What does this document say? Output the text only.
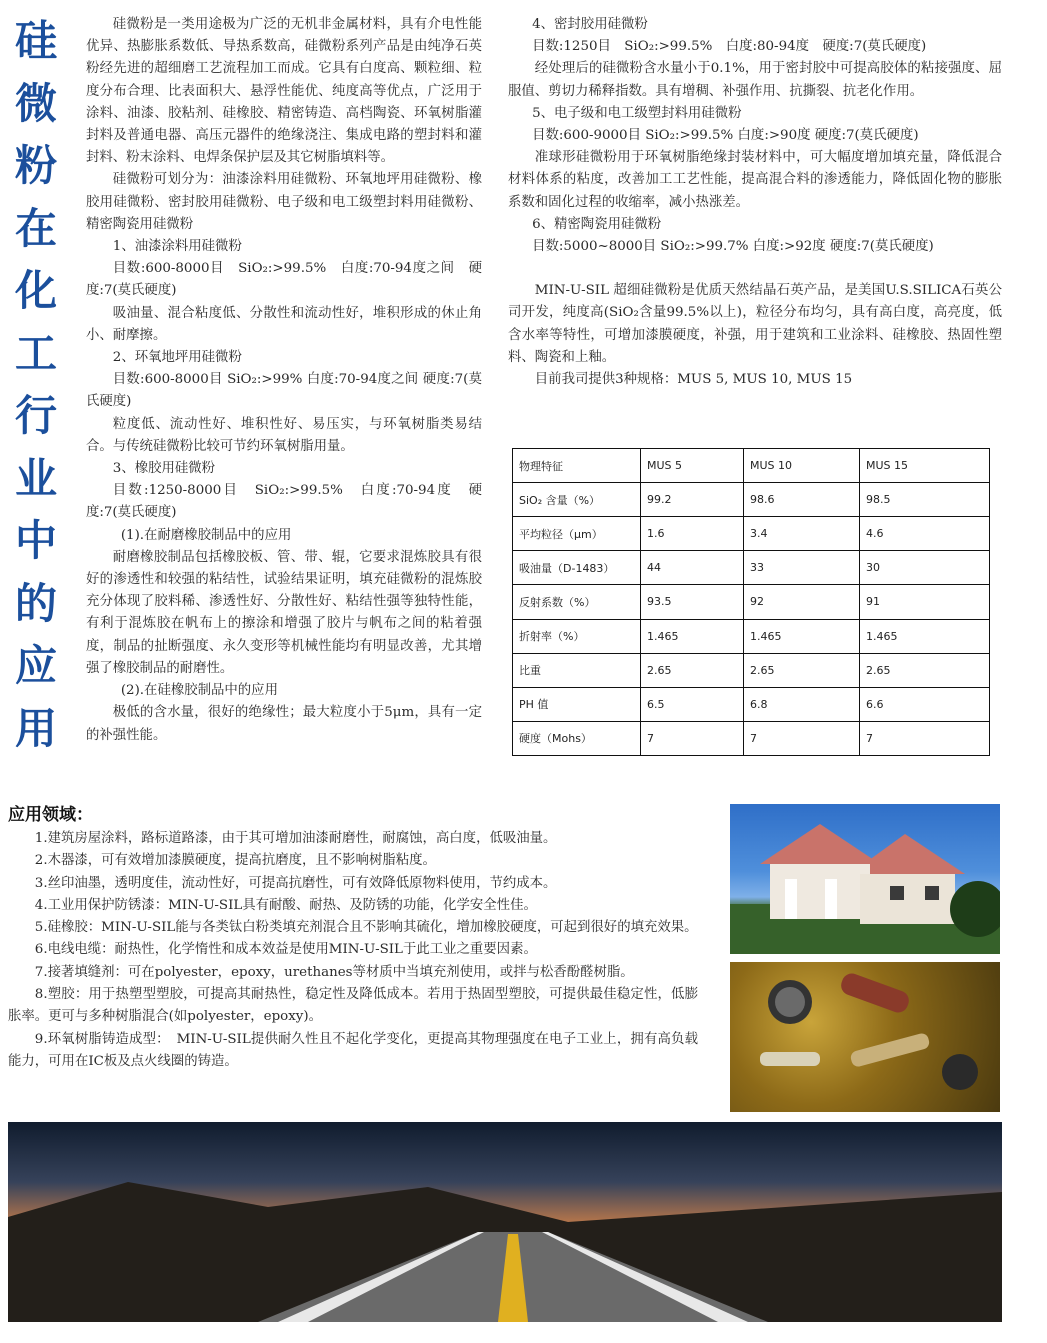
硅
微
粉
在
化
工
行
业
中
的
应
用

硅微粉是一类用途极为广泛的无机非金属材料，具有介电性能优异、热膨胀系数低、导热系数高，硅微粉系列产品是由纯净石英粉经先进的超细磨工艺流程加工而成。它具有白度高、颗粒细、粒度分布合理、比表面积大、悬浮性能优、纯度高等优点，广泛用于涂料、油漆、胶粘剂、硅橡胶、精密铸造、高档陶瓷、环氧树脂灌封料及普通电器、高压元器件的绝缘浇注、集成电路的塑封料和灌封料、粉末涂料、电焊条保护层及其它树脂填料等。

硅微粉可划分为：油漆涂料用硅微粉、环氧地坪用硅微粉、橡胶用硅微粉、密封胶用硅微粉、电子级和电工级塑封料用硅微粉、精密陶瓷用硅微粉

1、油漆涂料用硅微粉

目数:600-8000目　SiO₂:>99.5%　白度:70-94度之间　硬度:7(莫氏硬度)

吸油量、混合粘度低、分散性和流动性好，堆积形成的休止角小、耐摩擦。

2、环氧地坪用硅微粉

目数:600-8000目 SiO₂:>99% 白度:70-94度之间 硬度:7(莫氏硬度)

粒度低、流动性好、堆积性好、易压实，与环氧树脂类易结合。与传统硅微粉比较可节约环氧树脂用量。

3、橡胶用硅微粉

目数:1250-8000目　SiO₂:>99.5%　白度:70-94度　硬度:7(莫氏硬度)

(1).在耐磨橡胶制品中的应用

耐磨橡胶制品包括橡胶板、管、带、辊，它要求混炼胶具有很好的渗透性和较强的粘结性，试验结果证明，填充硅微粉的混炼胶充分体现了胶料稀、渗透性好、分散性好、粘结性强等独特性能，有利于混炼胶在帆布上的擦涂和增强了胶片与帆布之间的粘着强度，制品的扯断强度、永久变形等机械性能均有明显改善，尤其增强了橡胶制品的耐磨性。

(2).在硅橡胶制品中的应用

极低的含水量，很好的绝缘性；最大粒度小于5μm，具有一定的补强性能。

4、密封胶用硅微粉

目数:1250目　SiO₂:>99.5%　白度:80-94度　硬度:7(莫氏硬度)

经处理后的硅微粉含水量小于0.1%，用于密封胶中可提高胶体的粘接强度、屈服值、剪切力稀释指数。具有增稠、补强作用、抗撕裂、抗老化作用。

5、电子级和电工级塑封料用硅微粉

目数:600-9000目 SiO₂:>99.5% 白度:>90度 硬度:7(莫氏硬度)

准球形硅微粉用于环氧树脂绝缘封装材料中，可大幅度增加填充量，降低混合材料体系的粘度，改善加工工艺性能，提高混合料的渗透能力，降低固化物的膨胀系数和固化过程的收缩率，减小热涨差。

6、精密陶瓷用硅微粉

目数:5000~8000目 SiO₂:>99.7% 白度:>92度 硬度:7(莫氏硬度)

MIN-U-SIL 超细硅微粉是优质天然结晶石英产品，是美国U.S.SILICA石英公司开发，纯度高(SiO₂含量99.5%以上)，粒径分布均匀，具有高白度，高亮度，低含水率等特性，可增加漆膜硬度，补强，用于建筑和工业涂料、硅橡胶、热固性塑料、陶瓷和上釉。

目前我司提供3种规格：MUS 5, MUS 10, MUS 15

物理特征	MUS 5	MUS 10	MUS 15
SiO₂ 含量（%）	99.2	98.6	98.5
平均粒径（μm）	1.6	3.4	4.6
吸油量（D-1483）	44	33	30
反射系数（%）	93.5	92	91
折射率（%）	1.465	1.465	1.465
比重	2.65	2.65	2.65
PH 值	6.5	6.8	6.6
硬度（Mohs）	7	7	7
应用领域：

1.建筑房屋涂料，路标道路漆，由于其可增加油漆耐磨性，耐腐蚀，高白度，低吸油量。

2.木器漆，可有效增加漆膜硬度，提高抗磨度，且不影响树脂粘度。

3.丝印油墨，透明度佳，流动性好，可提高抗磨性，可有效降低原物料使用，节约成本。

4.工业用保护防锈漆：MIN-U-SIL具有耐酸、耐热、及防锈的功能，化学安全性佳。

5.硅橡胶：MIN-U-SIL能与各类钛白粉类填充剂混合且不影响其硫化，增加橡胶硬度，可起到很好的填充效果。

6.电线电缆：耐热性，化学惰性和成本效益是使用MIN-U-SIL于此工业之重要因素。

7.接著填缝剂：可在polyester，epoxy，urethanes等材质中当填充剂使用，或拌与松香酚醛树脂。

8.塑胶：用于热塑型塑胶，可提高其耐热性，稳定性及降低成本。若用于热固型塑胶，可提供最佳稳定性，低膨胀率。更可与多种树脂混合(如polyester，epoxy)。

9.环氧树脂铸造成型：　MIN-U-SIL提供耐久性且不起化学变化，更提高其物理强度在电子工业上，拥有高负载能力，可用在IC板及点火线圈的铸造。
